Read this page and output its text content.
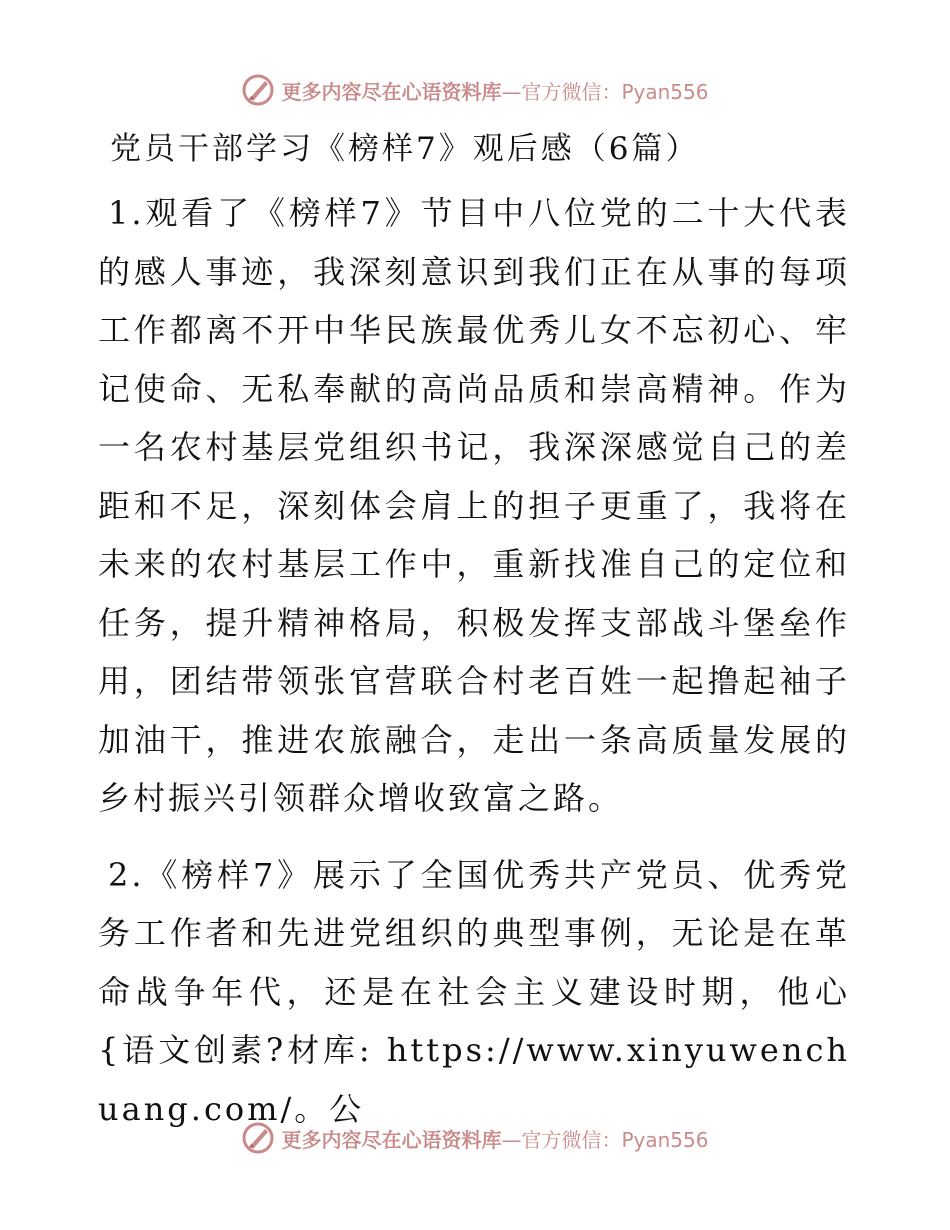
更多内容尽在心语资料库—官方微信：Pyan556
党员干部学习《榜样7》观后感（6篇）

1.观看了《榜样7》节目中八位党的二十大代表的感人事迹，我深刻意识到我们正在从事的每项工作都离不开中华民族最优秀儿女不忘初心、牢记使命、无私奉献的高尚品质和崇高精神。作为一名农村基层党组织书记，我深深感觉自己的差距和不足，深刻体会肩上的担子更重了，我将在未来的农村基层工作中，重新找准自己的定位和任务，提升精神格局，积极发挥支部战斗堡垒作用，团结带领张官营联合村老百姓一起撸起袖子加油干，推进农旅融合，走出一条高质量发展的乡村振兴引领群众增收致富之路。

2.《榜样7》展示了全国优秀共产党员、优秀党务工作者和先进党组织的典型事例，无论是在革命战争年代，还是在社会主义建设时期，他心{语文创素?材库: https://www.xinyuwenchuang.com/。公

更多内容尽在心语资料库—官方微信：Pyan556
